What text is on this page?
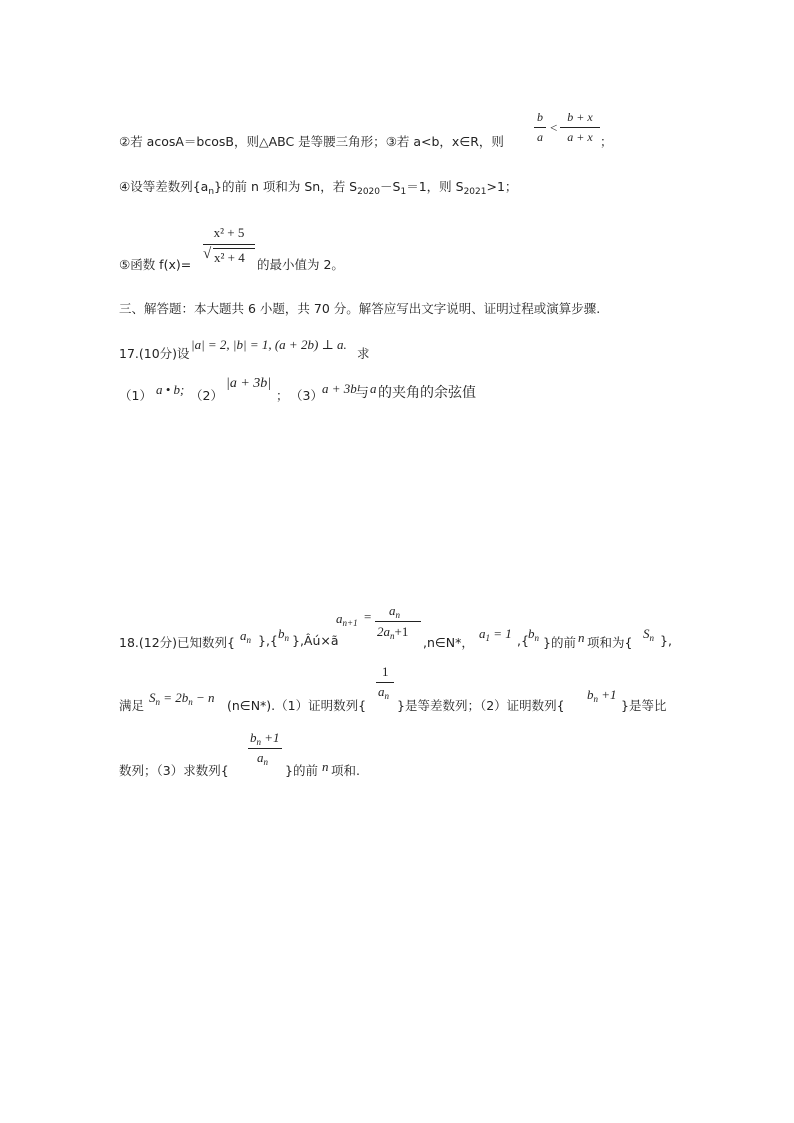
②若 acosA＝bcosB，则△ABC 是等腰三角形；③若 a<b，x∈R，则
b
a
<
b + x
a + x ；
④设等差数列$\{a_n\}$的前 n 项和为 Sn，若 $S_{2020}-S_1=1$，则 $S_{2021}>1$；
⑤函数 f(x)=
x² + 5
√ x² + 4 的最小值为 2。
三、解答题：本大题共 6 小题，共 70 分。解答应写出文字说明、证明过程或演算步骤.
17.(10分)设
|a| = 2, |b| = 1, (a + 2b) ⊥ a.
求
（1） a • b; （2）
|a + 3b|
； （3） a + 3b
与 a 的夹角的余弦值
18.(12分)已知数列{ $a_n$ },{ $b_n$ },Âú×ã
$a_{n+1} = a_n$
$2a_n+1$
,n∈N*，
$a_1 = 1$ ,{ $b_n$ }的前 n 项和为{
$S_n$ },
满足
$S_n = 2b_n - n$
(n∈N*).（1）证明数列{
1
$a_n$
}是等差数列；（2）证明数列{
$b_n +1$
}是等比
数列；（3）求数列{
$b_n +1$
$a_n$
}的前 n 项和.
